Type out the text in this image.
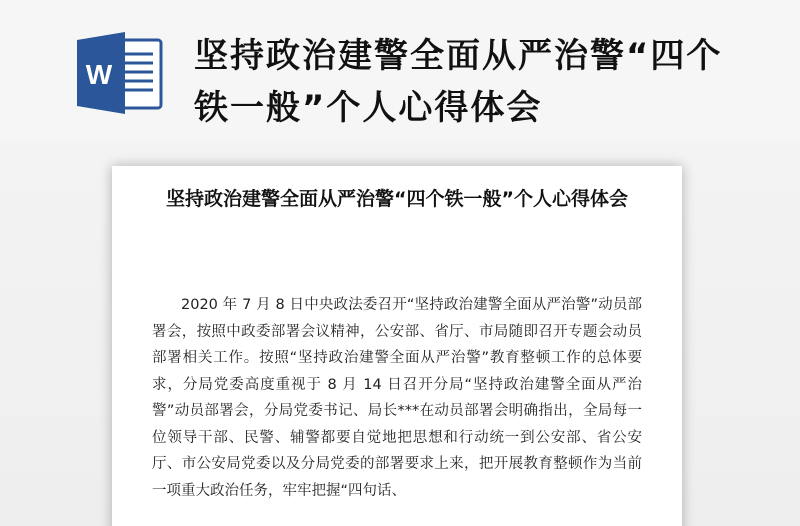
W 坚持政治建警全面从严治警“四个铁一般”个人心得体会
坚持政治建警全面从严治警“四个铁一般”个人心得体会

2020 年 7 月 8 日中央政法委召开“坚持政治建警全面从严治警”动员部署会，按照中政委部署会议精神，公安部、省厅、市局随即召开专题会动员部署相关工作。按照“坚持政治建警全面从严治警”教育整顿工作的总体要求，分局党委高度重视于 8 月 14 日召开分局“坚持政治建警全面从严治警”动员部署会，分局党委书记、局长***在动员部署会明确指出，全局每一位领导干部、民警、辅警都要自觉地把思想和行动统一到公安部、省公安厅、市公安局党委以及分局党委的部署要求上来，把开展教育整顿作为当前一项重大政治任务，牢牢把握“四句话、
